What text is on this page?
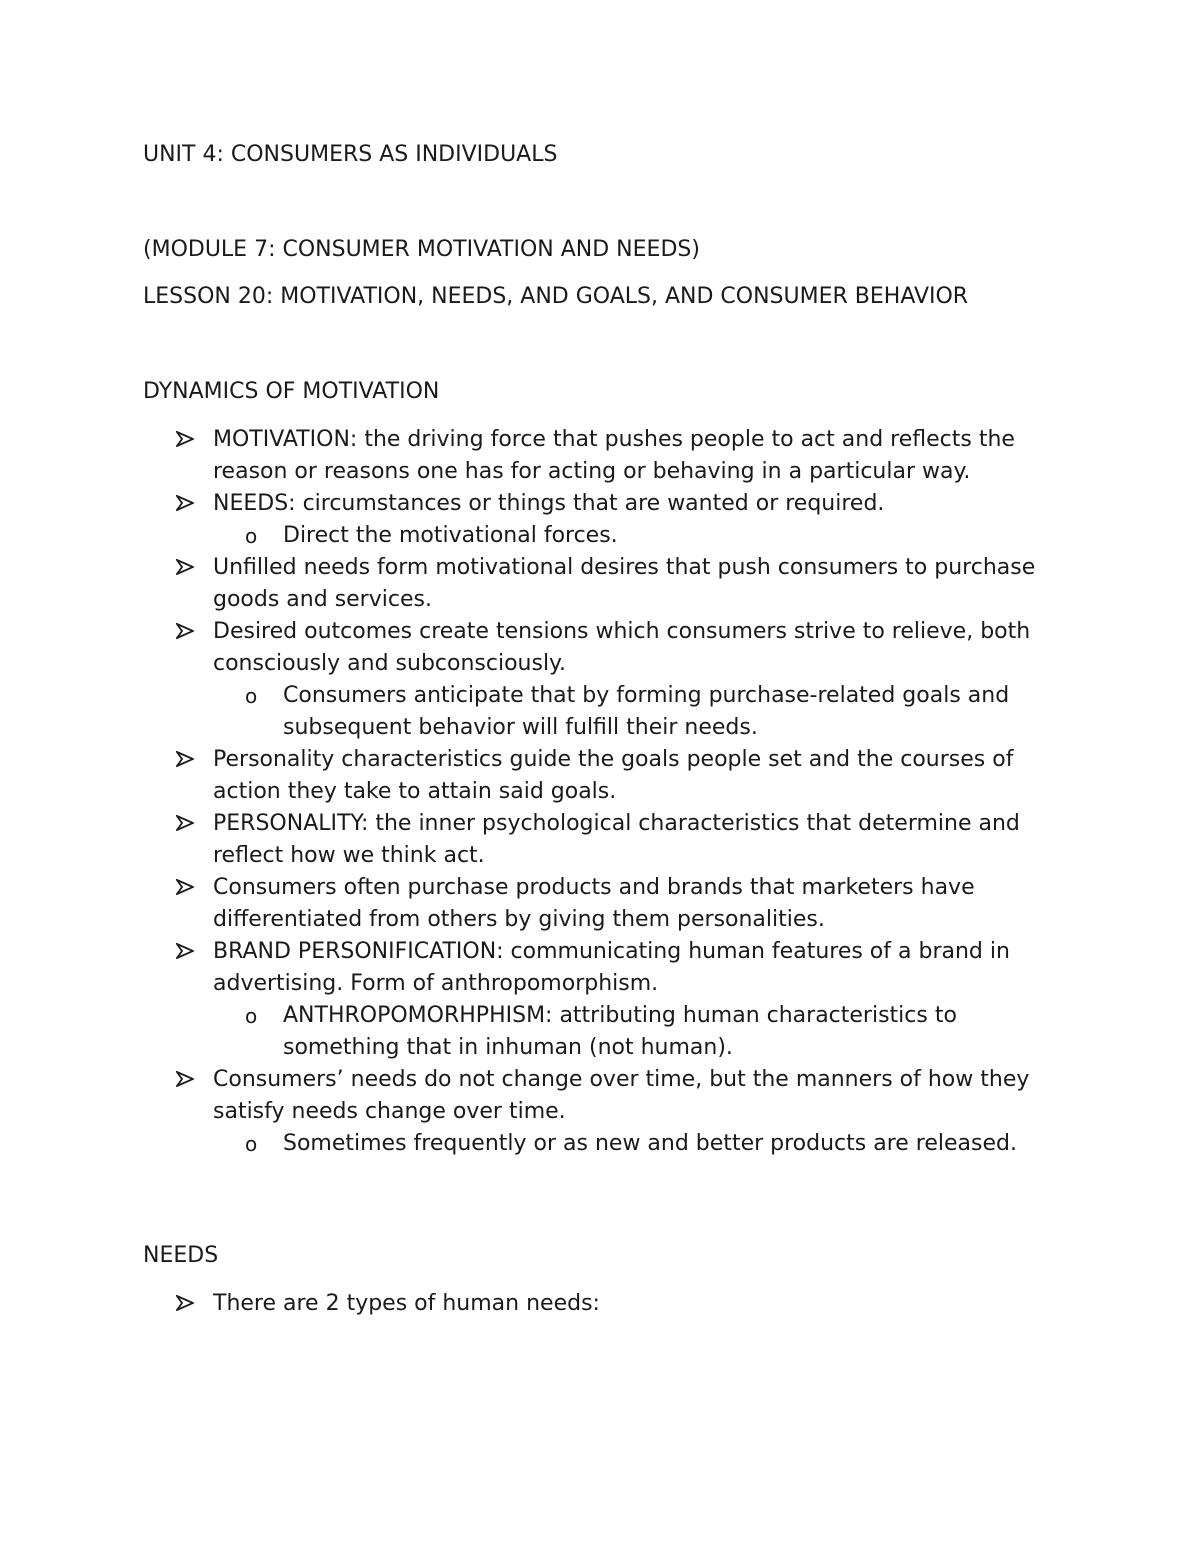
UNIT 4: CONSUMERS AS INDIVIDUALS
(MODULE 7: CONSUMER MOTIVATION AND NEEDS)
LESSON 20: MOTIVATION, NEEDS, AND GOALS, AND CONSUMER BEHAVIOR
DYNAMICS OF MOTIVATION
MOTIVATION: the driving force that pushes people to act and reflects the reason or reasons one has for acting or behaving in a particular way.
NEEDS: circumstances or things that are wanted or required.
o	Direct the motivational forces.
Unfilled needs form motivational desires that push consumers to purchase goods and services.
Desired outcomes create tensions which consumers strive to relieve, both consciously and subconsciously.
o	Consumers anticipate that by forming purchase-related goals and subsequent behavior will fulfill their needs.
Personality characteristics guide the goals people set and the courses of action they take to attain said goals.
PERSONALITY: the inner psychological characteristics that determine and reflect how we think act.
Consumers often purchase products and brands that marketers have differentiated from others by giving them personalities.
BRAND PERSONIFICATION: communicating human features of a brand in advertising. Form of anthropomorphism.
o	ANTHROPOMORHPHISM: attributing human characteristics to something that in inhuman (not human).
Consumers’ needs do not change over time, but the manners of how they satisfy needs change over time.
o	Sometimes frequently or as new and better products are released.
NEEDS
There are 2 types of human needs:
